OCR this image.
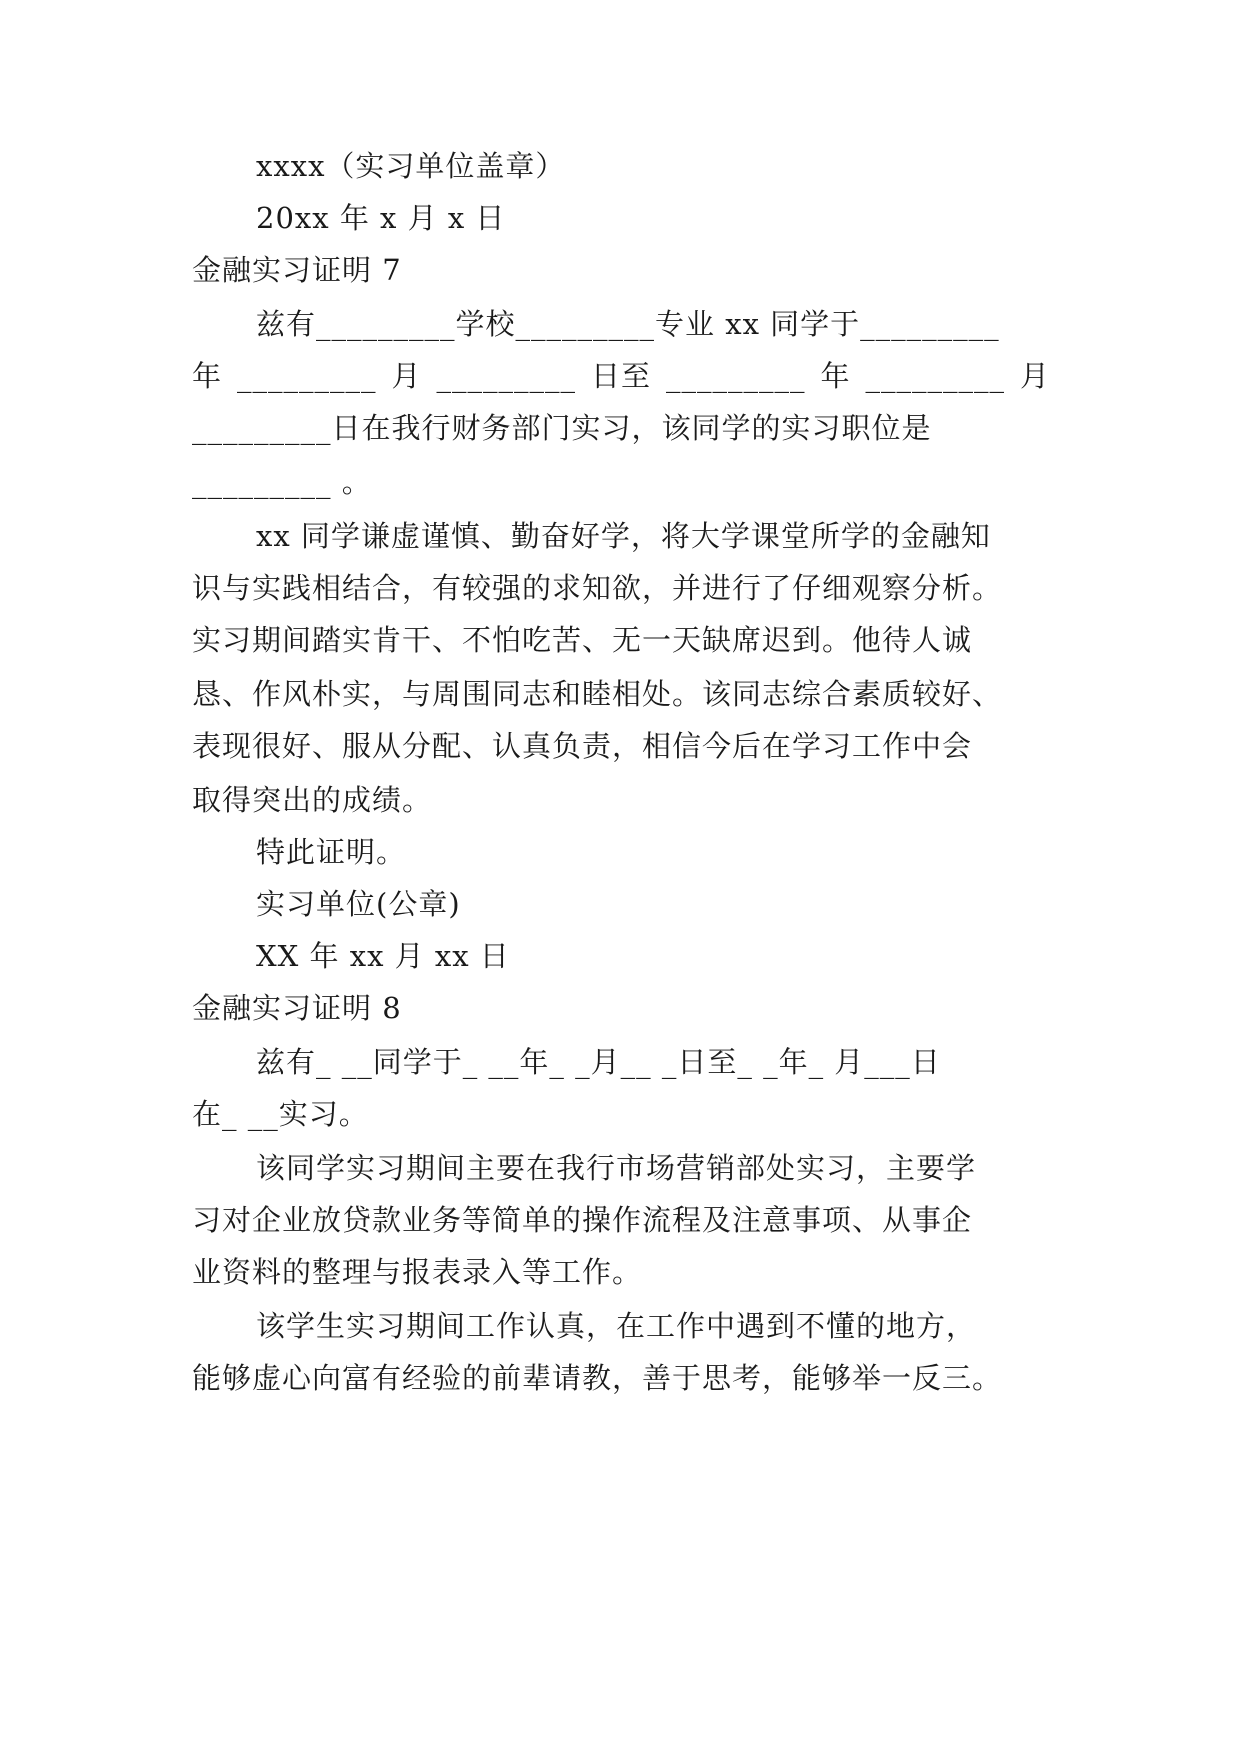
xxxx（实习单位盖章）
20xx 年 x 月 x 日
金融实习证明 7
兹有_________学校_________专业 xx 同学于_________
年 _________ 月 _________ 日至 _________ 年 _________ 月
_________日在我行财务部门实习，该同学的实习职位是
_________ 。
xx 同学谦虚谨慎、勤奋好学，将大学课堂所学的金融知
识与实践相结合，有较强的求知欲，并进行了仔细观察分析。
实习期间踏实肯干、不怕吃苦、无一天缺席迟到。他待人诚
恳、作风朴实，与周围同志和睦相处。该同志综合素质较好、
表现很好、服从分配、认真负责，相信今后在学习工作中会
取得突出的成绩。
特此证明。
实习单位(公章)
XX 年 xx 月 xx 日
金融实习证明 8
兹有_ __同学于_ __年_ _月__ _日至_ _年_ 月___日
在_ __实习。
该同学实习期间主要在我行市场营销部处实习，主要学
习对企业放贷款业务等简单的操作流程及注意事项、从事企
业资料的整理与报表录入等工作。
该学生实习期间工作认真，在工作中遇到不懂的地方，
能够虚心向富有经验的前辈请教，善于思考，能够举一反三。
